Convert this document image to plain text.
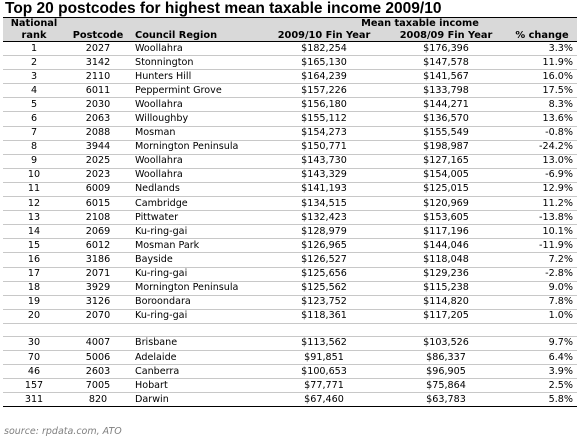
Top 20 postcodes for highest mean taxable income 2009/10
National			Mean taxable income		
rank	Postcode	Council Region	2009/10 Fin Year	2008/09 Fin Year	% change
1	2027	Woollahra	$182,254	$176,396	3.3%
2	3142	Stonnington	$165,130	$147,578	11.9%
3	2110	Hunters Hill	$164,239	$141,567	16.0%
4	6011	Peppermint Grove	$157,226	$133,798	17.5%
5	2030	Woollahra	$156,180	$144,271	8.3%
6	2063	Willoughby	$155,112	$136,570	13.6%
7	2088	Mosman	$154,273	$155,549	-0.8%
8	3944	Mornington Peninsula	$150,771	$198,987	-24.2%
9	2025	Woollahra	$143,730	$127,165	13.0%
10	2023	Woollahra	$143,329	$154,005	-6.9%
11	6009	Nedlands	$141,193	$125,015	12.9%
12	6015	Cambridge	$134,515	$120,969	11.2%
13	2108	Pittwater	$132,423	$153,605	-13.8%
14	2069	Ku-ring-gai	$128,979	$117,196	10.1%
15	6012	Mosman Park	$126,965	$144,046	-11.9%
16	3186	Bayside	$126,527	$118,048	7.2%
17	2071	Ku-ring-gai	$125,656	$129,236	-2.8%
18	3929	Mornington Peninsula	$125,562	$115,238	9.0%
19	3126	Boroondara	$123,752	$114,820	7.8%
20	2070	Ku-ring-gai	$118,361	$117,205	1.0%

30	4007	Brisbane	$113,562	$103,526	9.7%
70	5006	Adelaide	$91,851	$86,337	6.4%
46	2603	Canberra	$100,653	$96,905	3.9%
157	7005	Hobart	$77,771	$75,864	2.5%
311	820	Darwin	$67,460	$63,783	5.8%
source: rpdata.com, ATO
